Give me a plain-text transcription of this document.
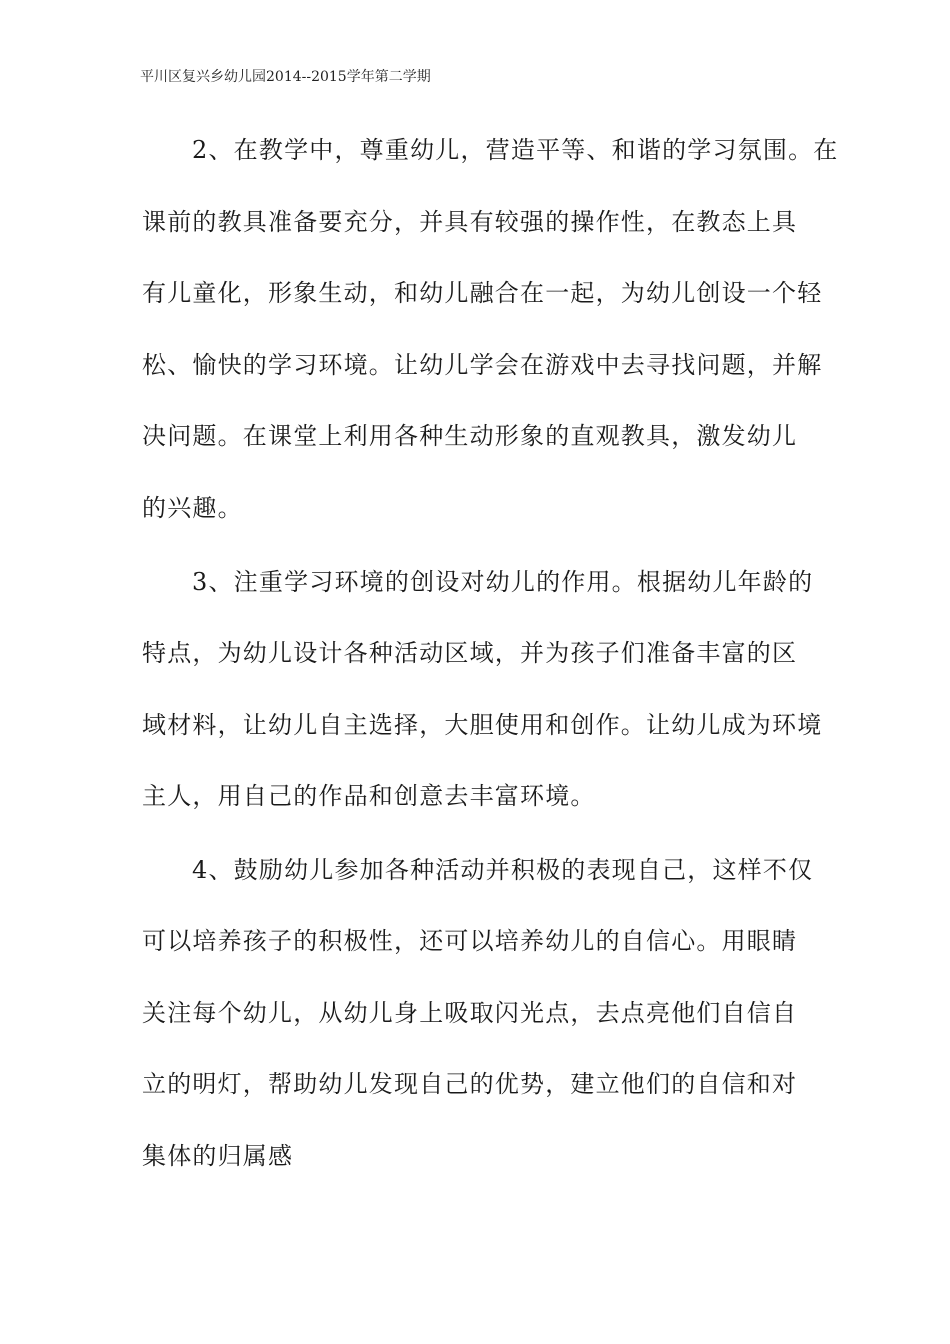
平川区复兴乡幼儿园2014--2015学年第二学期
2、在教学中，尊重幼儿，营造平等、和谐的学习氛围。在
课前的教具准备要充分，并具有较强的操作性，在教态上具
有儿童化，形象生动，和幼儿融合在一起，为幼儿创设一个轻
松、愉快的学习环境。让幼儿学会在游戏中去寻找问题，并解
决问题。在课堂上利用各种生动形象的直观教具，激发幼儿
的兴趣。
3、注重学习环境的创设对幼儿的作用。根据幼儿年龄的
特点，为幼儿设计各种活动区域，并为孩子们准备丰富的区
域材料，让幼儿自主选择，大胆使用和创作。让幼儿成为环境
主人，用自己的作品和创意去丰富环境。
4、鼓励幼儿参加各种活动并积极的表现自己，这样不仅
可以培养孩子的积极性，还可以培养幼儿的自信心。用眼睛
关注每个幼儿，从幼儿身上吸取闪光点，去点亮他们自信自
立的明灯，帮助幼儿发现自己的优势，建立他们的自信和对
集体的归属感
